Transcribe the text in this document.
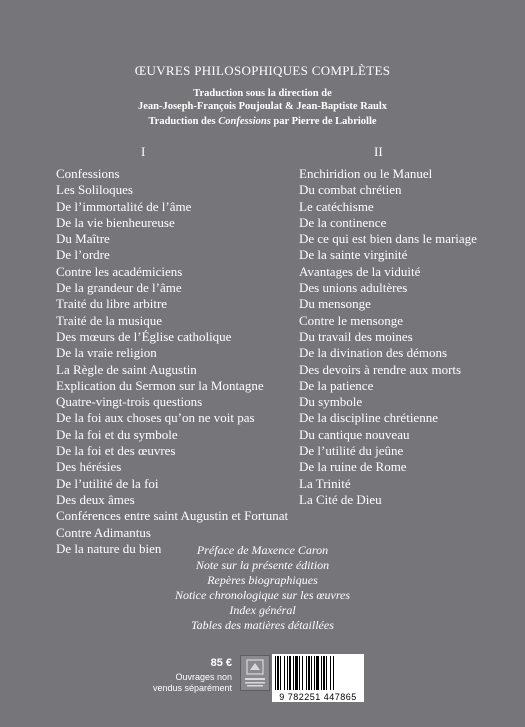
ŒUVRES PHILOSOPHIQUES COMPLÈTES
Traduction sous la direction de
Jean-Joseph-François Poujoulat & Jean-Baptiste Raulx
Traduction des Confessions par Pierre de Labriolle
I	II
Confessions
Les Soliloques
De l’immortalité de l’âme
De la vie bienheureuse
Du Maître
De l’ordre
Contre les académiciens
De la grandeur de l’âme
Traité du libre arbitre
Traité de la musique
Des mœurs de l’Église catholique
De la vraie religion
La Règle de saint Augustin
Explication du Sermon sur la Montagne
Quatre-vingt-trois questions
De la foi aux choses qu’on ne voit pas
De la foi et du symbole
De la foi et des œuvres
Des hérésies
De l’utilité de la foi
Des deux âmes
Conférences entre saint Augustin et Fortunat
Contre Adimantus
De la nature du bien
Enchiridion ou le Manuel
Du combat chrétien
Le catéchisme
De la continence
De ce qui est bien dans le mariage
De la sainte virginité
Avantages de la viduité
Des unions adultères
Du mensonge
Contre le mensonge
Du travail des moines
De la divination des démons
Des devoirs à rendre aux morts
De la patience
Du symbole
De la discipline chrétienne
Du cantique nouveau
De l’utilité du jeûne
De la ruine de Rome
La Trinité
La Cité de Dieu
Préface de Maxence Caron
Note sur la présente édition
Repères biographiques
Notice chronologique sur les œuvres
Index général
Tables des matières détaillées
85 €
Ouvrages non
vendus séparément
9 782251 447865
